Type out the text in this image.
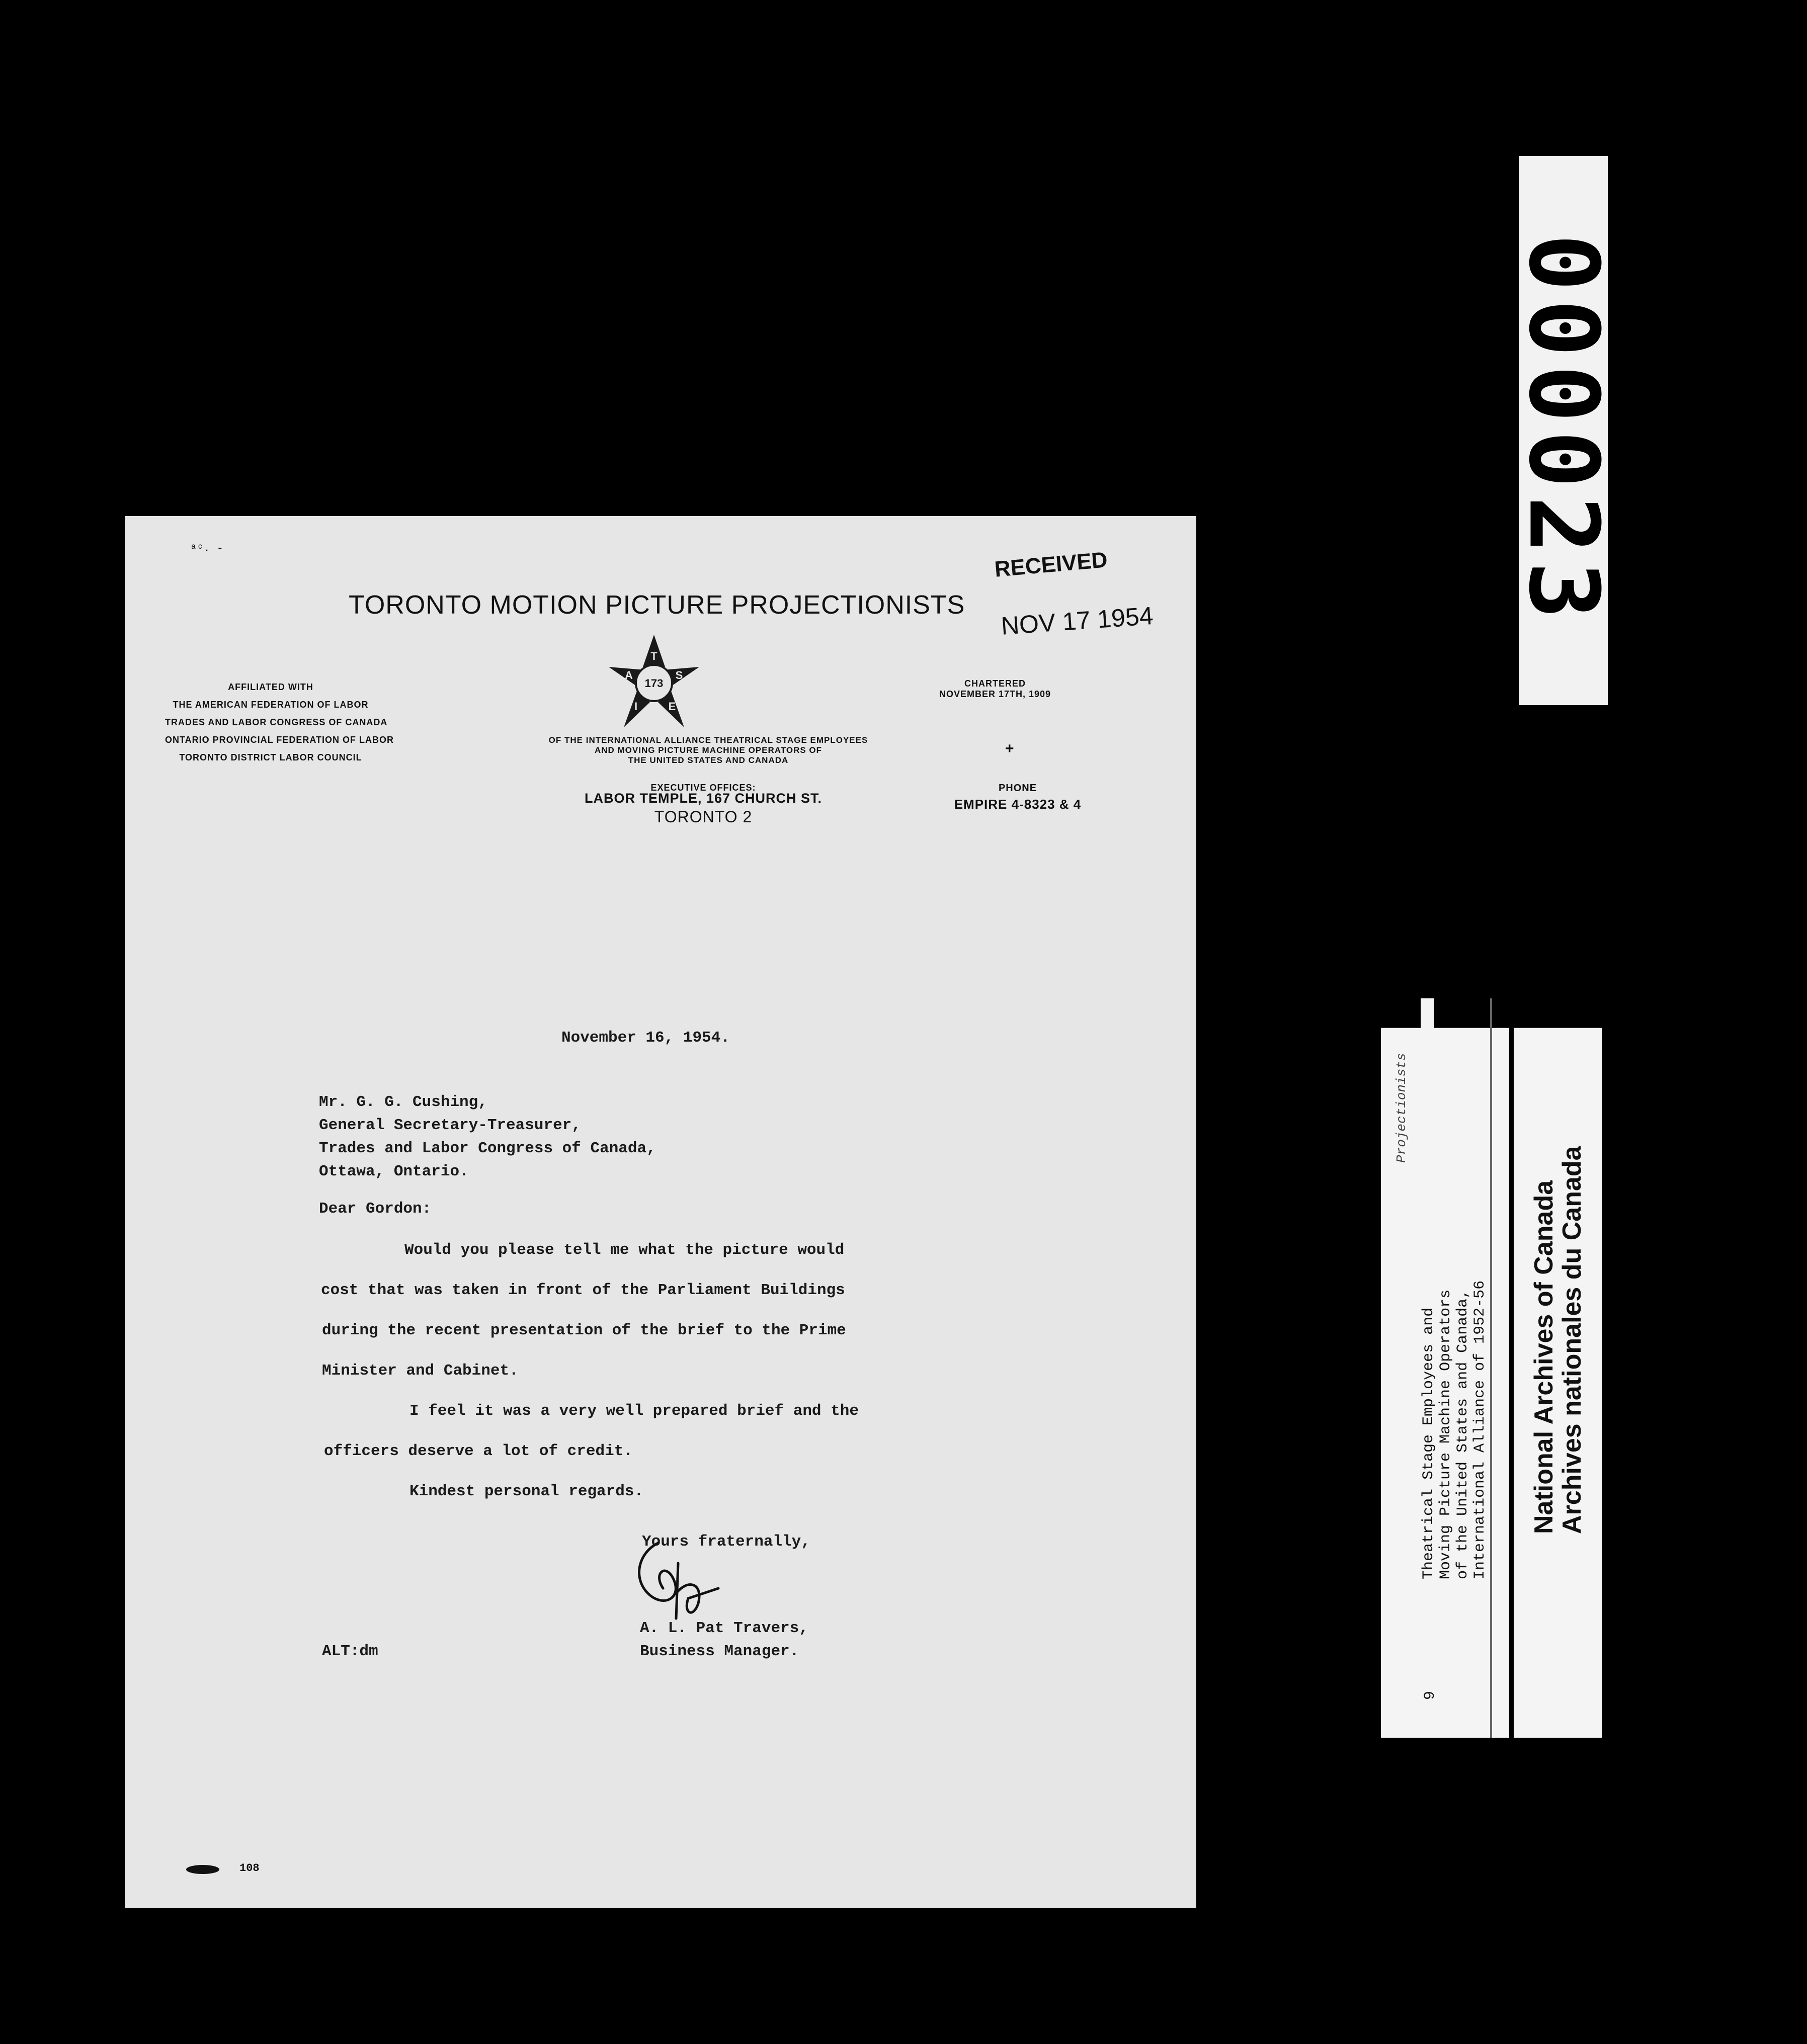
ᵃᶜ. -
TORONTO MOTION PICTURE PROJECTIONISTS
RECEIVED
NOV 17 1954
AFFILIATED WITH
THE AMERICAN FEDERATION OF LABOR
TRADES AND LABOR CONGRESS OF CANADA
ONTARIO PROVINCIAL FEDERATION OF LABOR
TORONTO DISTRICT LABOR COUNCIL
T
S
E
I
A
173
OF THE INTERNATIONAL ALLIANCE THEATRICAL STAGE EMPLOYEES
AND MOVING PICTURE MACHINE OPERATORS OF
THE UNITED STATES AND CANADA
EXECUTIVE OFFICES:
LABOR TEMPLE, 167 CHURCH ST.
TORONTO 2
CHARTERED
NOVEMBER 17TH, 1909
+
PHONE
EMPIRE 4-8323 & 4
November 16, 1954.
Mr. G. G. Cushing,
General Secretary-Treasurer,
Trades and Labor Congress of Canada,
Ottawa, Ontario.
Dear Gordon:
Would you please tell me what the picture would
cost that was taken in front of the Parliament Buildings
during the recent presentation of the brief to the Prime
Minister and Cabinet.
I feel it was a very well prepared brief and the
officers deserve a lot of credit.
Kindest personal regards.
Yours fraternally,
A. L. Pat Travers,
Business Manager.
ALT:dm
108
000023
9
Theatrical Stage Employees and Moving Picture Machine Operators of the United States and Canada, International Alliance of 1952-56
Projectionists
National Archives of Canada
Archives nationales du Canada
